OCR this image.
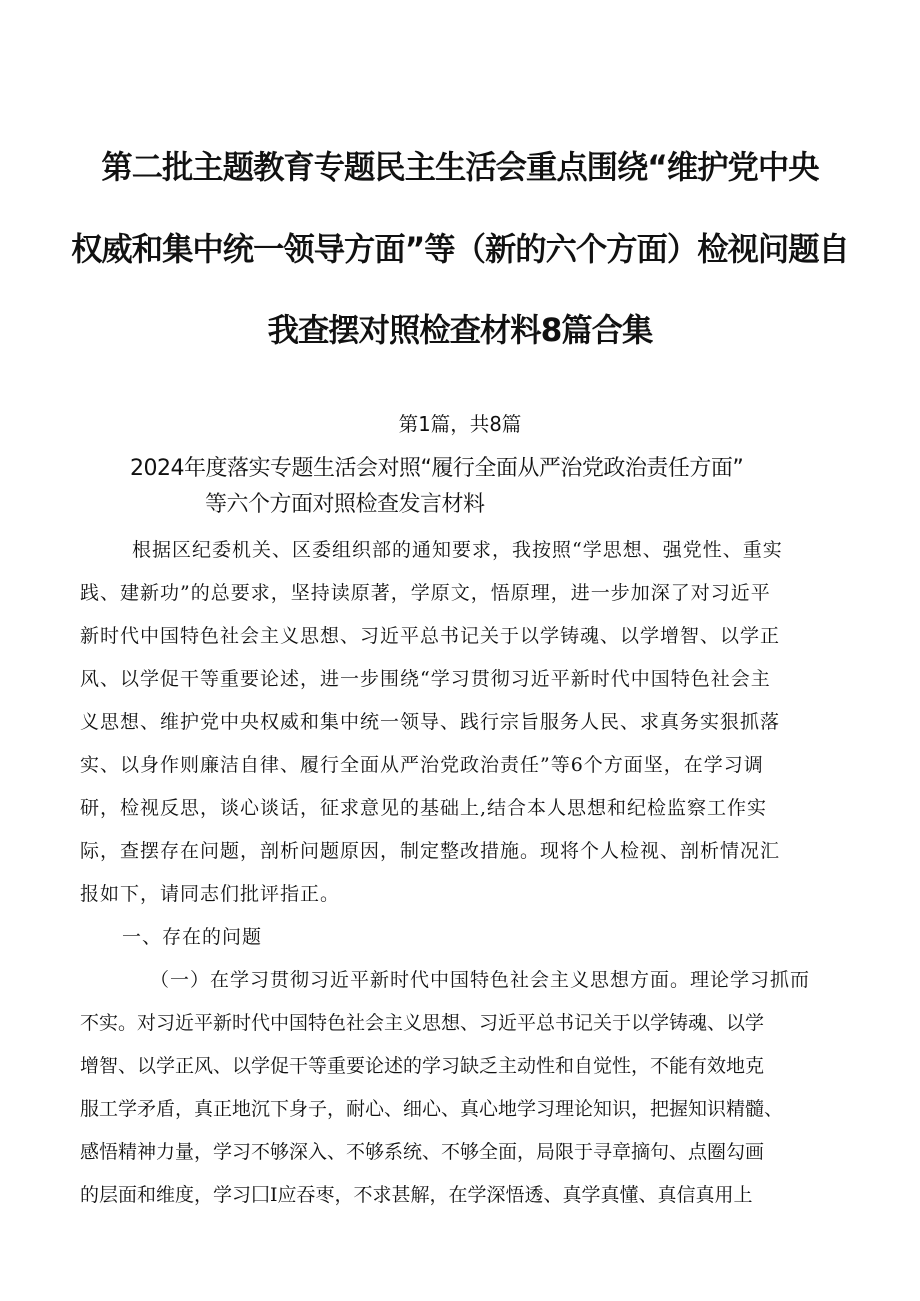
第二批主题教育专题民主生活会重点围绕“维护党中央
权威和集中统一领导方面”等（新的六个方面）检视问题自
我查摆对照检查材料8篇合集
第1篇，共8篇
2024年度落实专题生活会对照“履行全面从严治党政治责任方面”
等六个方面对照检查发言材料
根据区纪委机关、区委组织部的通知要求，我按照“学思想、强党性、重实
践、建新功”的总要求，坚持读原著，学原文，悟原理，进一步加深了对习近平
新时代中国特色社会主义思想、习近平总书记关于以学铸魂、以学增智、以学正
风、以学促干等重要论述，进一步围绕“学习贯彻习近平新时代中国特色社会主
义思想、维护党中央权威和集中统一领导、践行宗旨服务人民、求真务实狠抓落
实、以身作则廉洁自律、履行全面从严治党政治责任”等6个方面坚，在学习调
研，检视反思，谈心谈话，征求意见的基础上,结合本人思想和纪检监察工作实
际，查摆存在问题，剖析问题原因，制定整改措施。现将个人检视、剖析情况汇
报如下，请同志们批评指正。
一、存在的问题
（一）在学习贯彻习近平新时代中国特色社会主义思想方面。理论学习抓而
不实。对习近平新时代中国特色社会主义思想、习近平总书记关于以学铸魂、以学
增智、以学正风、以学促干等重要论述的学习缺乏主动性和自觉性，不能有效地克
服工学矛盾，真正地沉下身子，耐心、细心、真心地学习理论知识，把握知识精髓、
感悟精神力量，学习不够深入、不够系统、不够全面，局限于寻章摘句、点圈勾画
的层面和维度，学习囗Ⅰ应吞枣，不求甚解，在学深悟透、真学真懂、真信真用上
